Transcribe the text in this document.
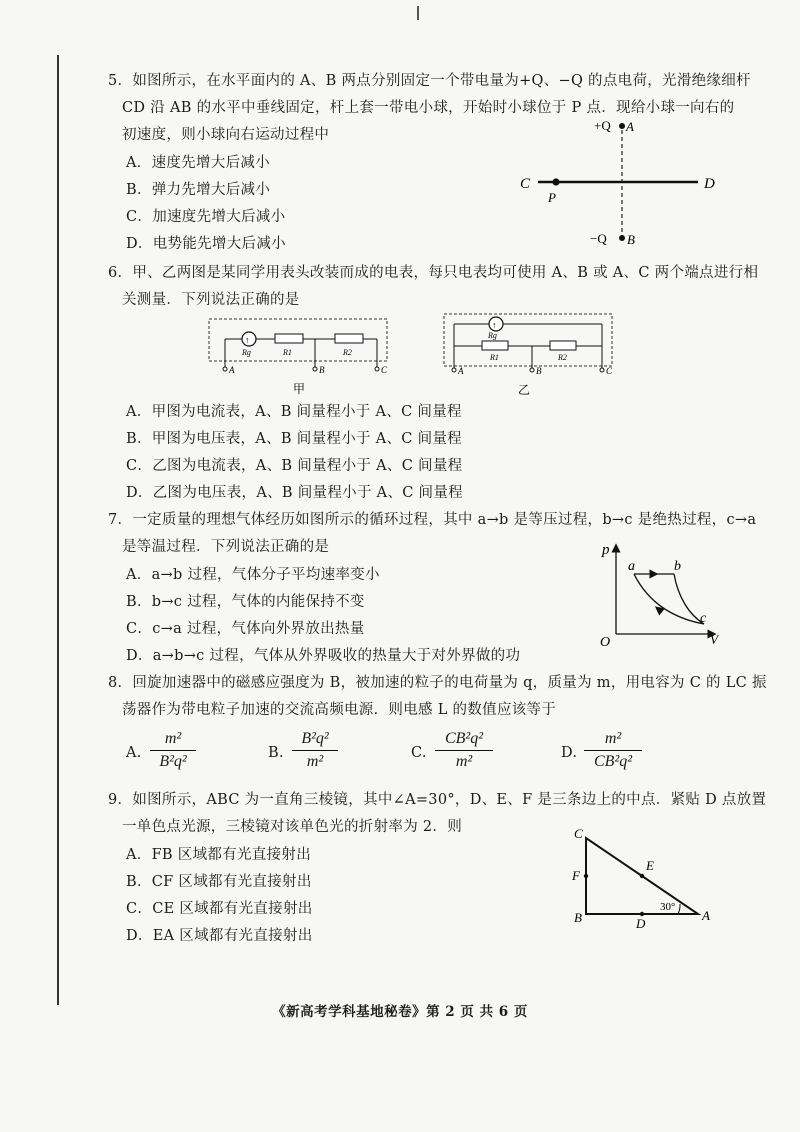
5．如图所示，在水平面内的 A、B 两点分别固定一个带电量为+Q、−Q 的点电荷，光滑绝缘细杆
CD 沿 AB 的水平中垂线固定，杆上套一带电小球，开始时小球位于 P 点．现给小球一向右的
初速度，则小球向右运动过程中
A．速度先增大后减小
B．弹力先增大后减小
C．加速度先增大后减小
D．电势能先增大后减小
+Q A
C	D
P
−Q B
6．甲、乙两图是某同学用表头改装而成的电表，每只电表均可使用 A、B 或 A、C 两个端点进行相
关测量．下列说法正确的是
↑
Rg	R1	R2
A	B	C
甲
↑
Rg
R1	R2
A	B	C
乙
A．甲图为电流表，A、B 间量程小于 A、C 间量程
B．甲图为电压表，A、B 间量程小于 A、C 间量程
C．乙图为电流表，A、B 间量程小于 A、C 间量程
D．乙图为电压表，A、B 间量程小于 A、C 间量程
7．一定质量的理想气体经历如图所示的循环过程，其中 a→b 是等压过程，b→c 是绝热过程，c→a
是等温过程．下列说法正确的是
A．a→b 过程，气体分子平均速率变小
B．b→c 过程，气体的内能保持不变
C．c→a 过程，气体向外界放出热量
D．a→b→c 过程，气体从外界吸收的热量大于对外界做的功
p
V
O
a	b
c
8．回旋加速器中的磁感应强度为 B，被加速的粒子的电荷量为 q，质量为 m，用电容为 C 的 LC 振
荡器作为带电粒子加速的交流高频电源．则电感 L 的数值应该等于
A.
m²
B²q²
B.
B²q²
m²
C.
CB²q²
m²
D.
m²
CB²q²
9．如图所示，ABC 为一直角三棱镜，其中∠A=30°，D、E、F 是三条边上的中点．紧贴 D 点放置
一单色点光源，三棱镜对该单色光的折射率为 2．则
A．FB 区域都有光直接射出
B．CF 区域都有光直接射出
C．CE 区域都有光直接射出
D．EA 区域都有光直接射出
C
E
F
B	D
A
30°
《新高考学科基地秘卷》第 2 页 共 6 页
